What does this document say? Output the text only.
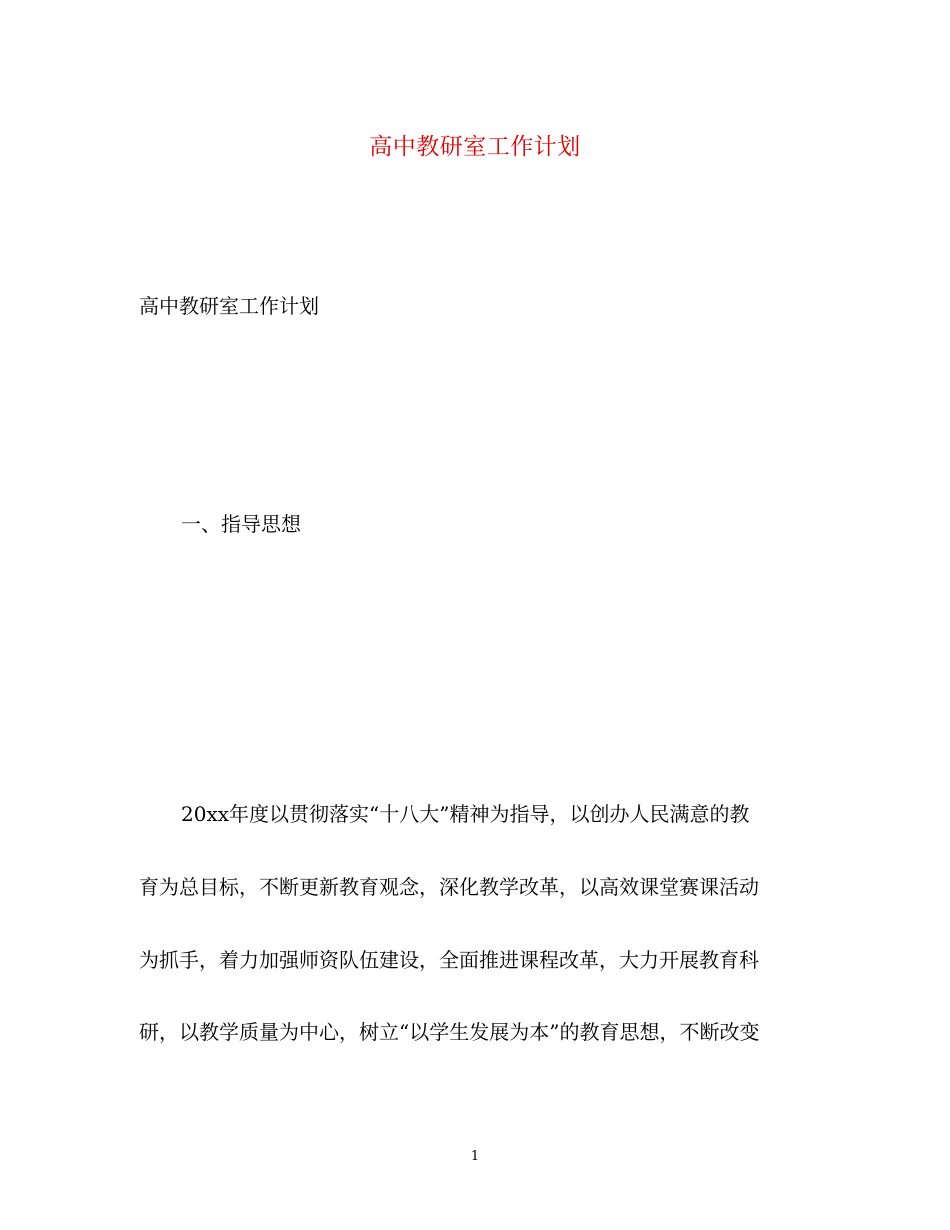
高中教研室工作计划
高中教研室工作计划
一、指导思想
20xx年度以贯彻落实“十八大”精神为指导，以创办人民满意的教
育为总目标，不断更新教育观念，深化教学改革，以高效课堂赛课活动
为抓手，着力加强师资队伍建设，全面推进课程改革，大力开展教育科
研，以教学质量为中心，树立“以学生发展为本”的教育思想，不断改变
1
